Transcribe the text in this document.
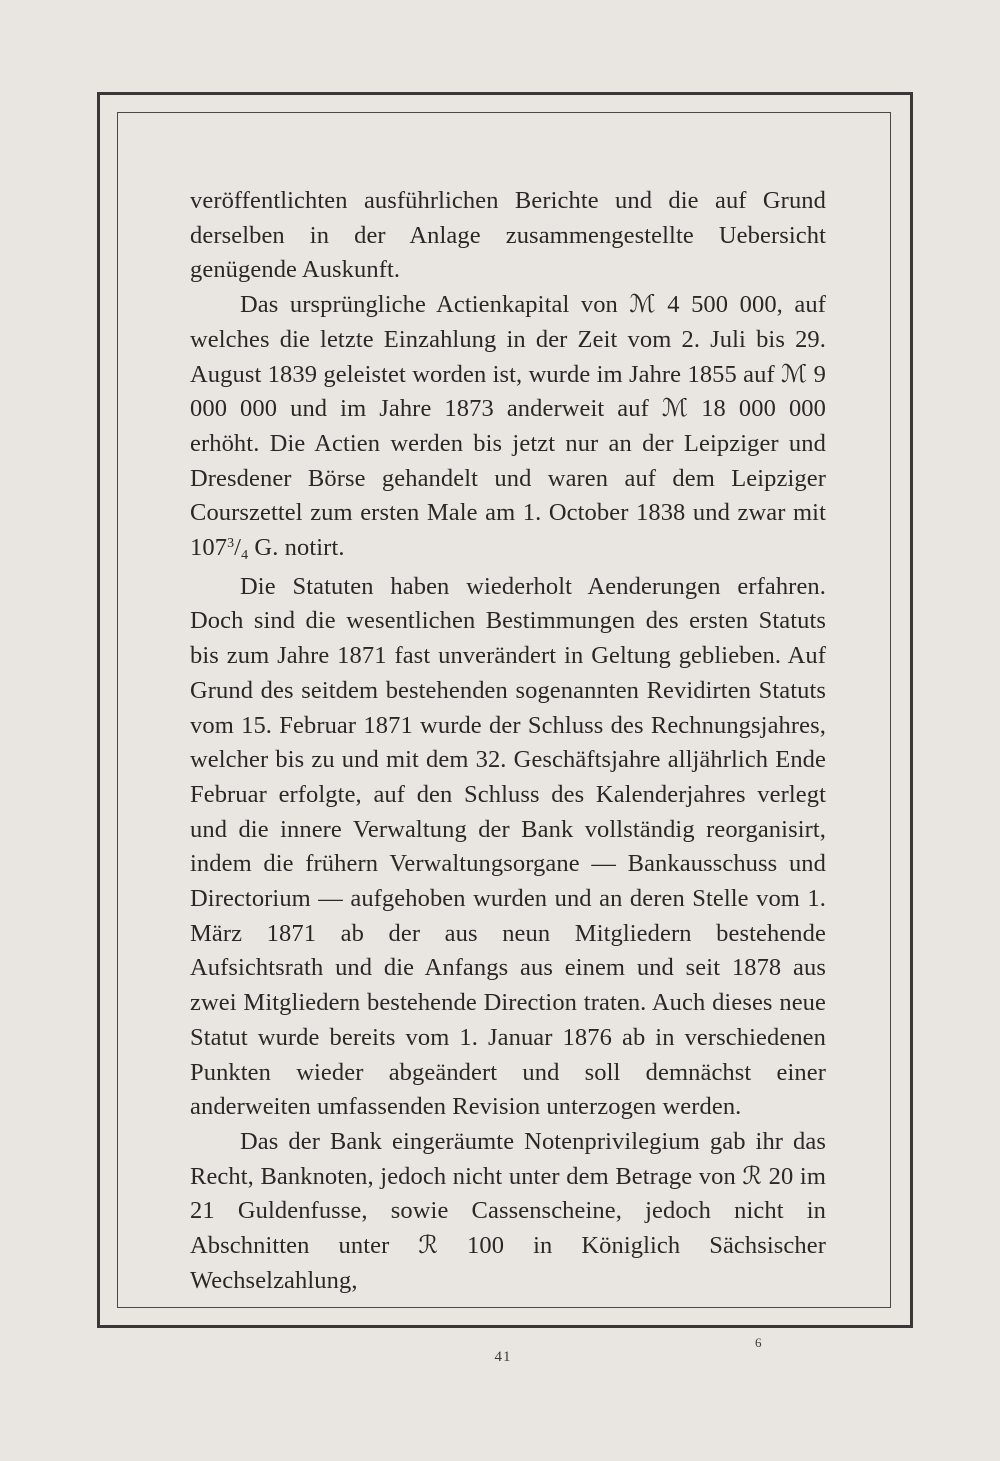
veröffentlichten ausführlichen Berichte und die auf Grund derselben in der Anlage zusammengestellte Uebersicht genügende Auskunft.

Das ursprüngliche Actienkapital von ℳ 4 500 000, auf welches die letzte Einzahlung in der Zeit vom 2. Juli bis 29. August 1839 geleistet worden ist, wurde im Jahre 1855 auf ℳ 9 000 000 und im Jahre 1873 anderweit auf ℳ 18 000 000 erhöht. Die Actien werden bis jetzt nur an der Leipziger und Dresdener Börse gehandelt und waren auf dem Leipziger Courszettel zum ersten Male am 1. October 1838 und zwar mit $107^3/4$ G. notirt.

Die Statuten haben wiederholt Aenderungen erfahren. Doch sind die wesentlichen Bestimmungen des ersten Statuts bis zum Jahre 1871 fast unverändert in Geltung geblieben. Auf Grund des seitdem bestehenden sogenannten Revidirten Statuts vom 15. Februar 1871 wurde der Schluss des Rechnungsjahres, welcher bis zu und mit dem 32. Geschäftsjahre alljährlich Ende Februar erfolgte, auf den Schluss des Kalenderjahres verlegt und die innere Verwaltung der Bank vollständig reorganisirt, indem die frühern Verwaltungsorgane — Bankausschuss und Directorium — aufgehoben wurden und an deren Stelle vom 1. März 1871 ab der aus neun Mitgliedern bestehende Aufsichtsrath und die Anfangs aus einem und seit 1878 aus zwei Mitgliedern bestehende Direction traten. Auch dieses neue Statut wurde bereits vom 1. Januar 1876 ab in verschiedenen Punkten wieder abgeändert und soll demnächst einer anderweiten umfassenden Revision unterzogen werden.

Das der Bank eingeräumte Notenprivilegium gab ihr das Recht, Banknoten, jedoch nicht unter dem Betrage von ℛ 20 im 21 Guldenfusse, sowie Cassenscheine, jedoch nicht in Abschnitten unter ℛ 100 in Königlich Sächsischer Wechselzahlung,

6
41
